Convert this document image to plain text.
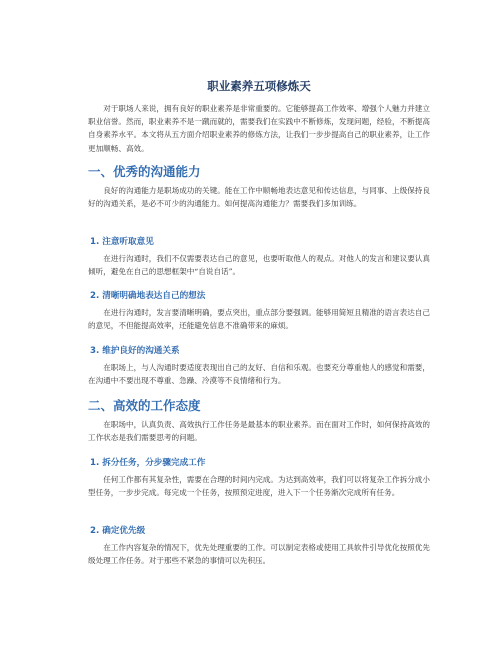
职业素养五项修炼天

对于职场人来说，拥有良好的职业素养是非常重要的。它能够提高工作效率、增强个人魅力并建立职业信誉。然而，职业素养不是一蹴而就的，需要我们在实践中不断修炼，发现问题，经验，不断提高自身素养水平。本文将从五方面介绍职业素养的修炼方法，让我们一步步提高自己的职业素养，让工作更加顺畅、高效。

一、优秀的沟通能力

良好的沟通能力是职场成功的关键。能在工作中顺畅地表达意见和传达信息，与同事、上级保持良好的沟通关系，是必不可少的沟通能力。如何提高沟通能力？需要我们多加训练。

1. 注意听取意见

在进行沟通时，我们不仅需要表达自己的意见，也要听取他人的观点。对他人的发言和建议要认真倾听，避免在自己的思想框架中“自说自话”。

2. 清晰明确地表达自己的想法

在进行沟通时，发言要清晰明确，要点突出，重点部分要强调。能够用简短且精准的语言表达自己的意见，不但能提高效率，还能避免信息不准确带来的麻烦。

3. 维护良好的沟通关系

在职场上，与人沟通时要适度表现出自己的友好、自信和乐观。也要充分尊重他人的感觉和需要，在沟通中不要出现不尊重、急躁、冷漠等不良情绪和行为。

二、高效的工作态度

在职场中，认真负责、高效执行工作任务是最基本的职业素养。而在面对工作时，如何保持高效的工作状态是我们需要思考的问题。

1. 拆分任务，分步骤完成工作

任何工作都有其复杂性，需要在合理的时间内完成。为达到高效率，我们可以将复杂工作拆分成小型任务，一步步完成。每完成一个任务，按照预定进度，进入下一个任务渐次完成所有任务。

2. 确定优先级

在工作内容复杂的情况下，优先处理重要的工作。可以制定表格或使用工具软件引导优化按照优先级处理工作任务。对于那些不紧急的事情可以先积压。
